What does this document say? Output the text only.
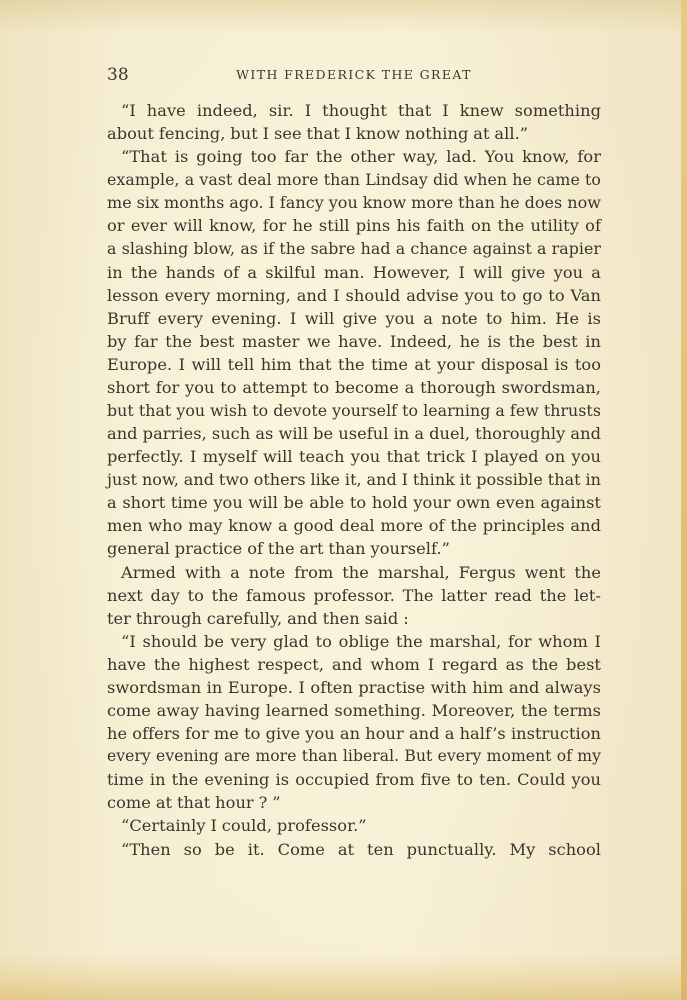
38	WITH FREDERICK THE GREAT
“I have indeed, sir. I thought that I knew something
about fencing, but I see that I know nothing at all.”
“That is going too far the other way, lad. You know, for
example, a vast deal more than Lindsay did when he came to
me six months ago. I fancy you know more than he does now
or ever will know, for he still pins his faith on the utility of
a slashing blow, as if the sabre had a chance against a rapier
in the hands of a skilful man. However, I will give you a
lesson every morning, and I should advise you to go to Van
Bruff every evening. I will give you a note to him. He is
by far the best master we have. Indeed, he is the best in
Europe. I will tell him that the time at your disposal is too
short for you to attempt to become a thorough swordsman,
but that you wish to devote yourself to learning a few thrusts
and parries, such as will be useful in a duel, thoroughly and
perfectly. I myself will teach you that trick I played on you
just now, and two others like it, and I think it possible that in
a short time you will be able to hold your own even against
men who may know a good deal more of the principles and
general practice of the art than yourself.”
Armed with a note from the marshal, Fergus went the
next day to the famous professor. The latter read the let-
ter through carefully, and then said :
“I should be very glad to oblige the marshal, for whom I
have the highest respect, and whom I regard as the best
swordsman in Europe. I often practise with him and always
come away having learned something. Moreover, the terms
he offers for me to give you an hour and a half’s instruction
every evening are more than liberal. But every moment of my
time in the evening is occupied from five to ten. Could you
come at that hour ? ”
“Certainly I could, professor.”
“Then so be it. Come at ten punctually. My school
